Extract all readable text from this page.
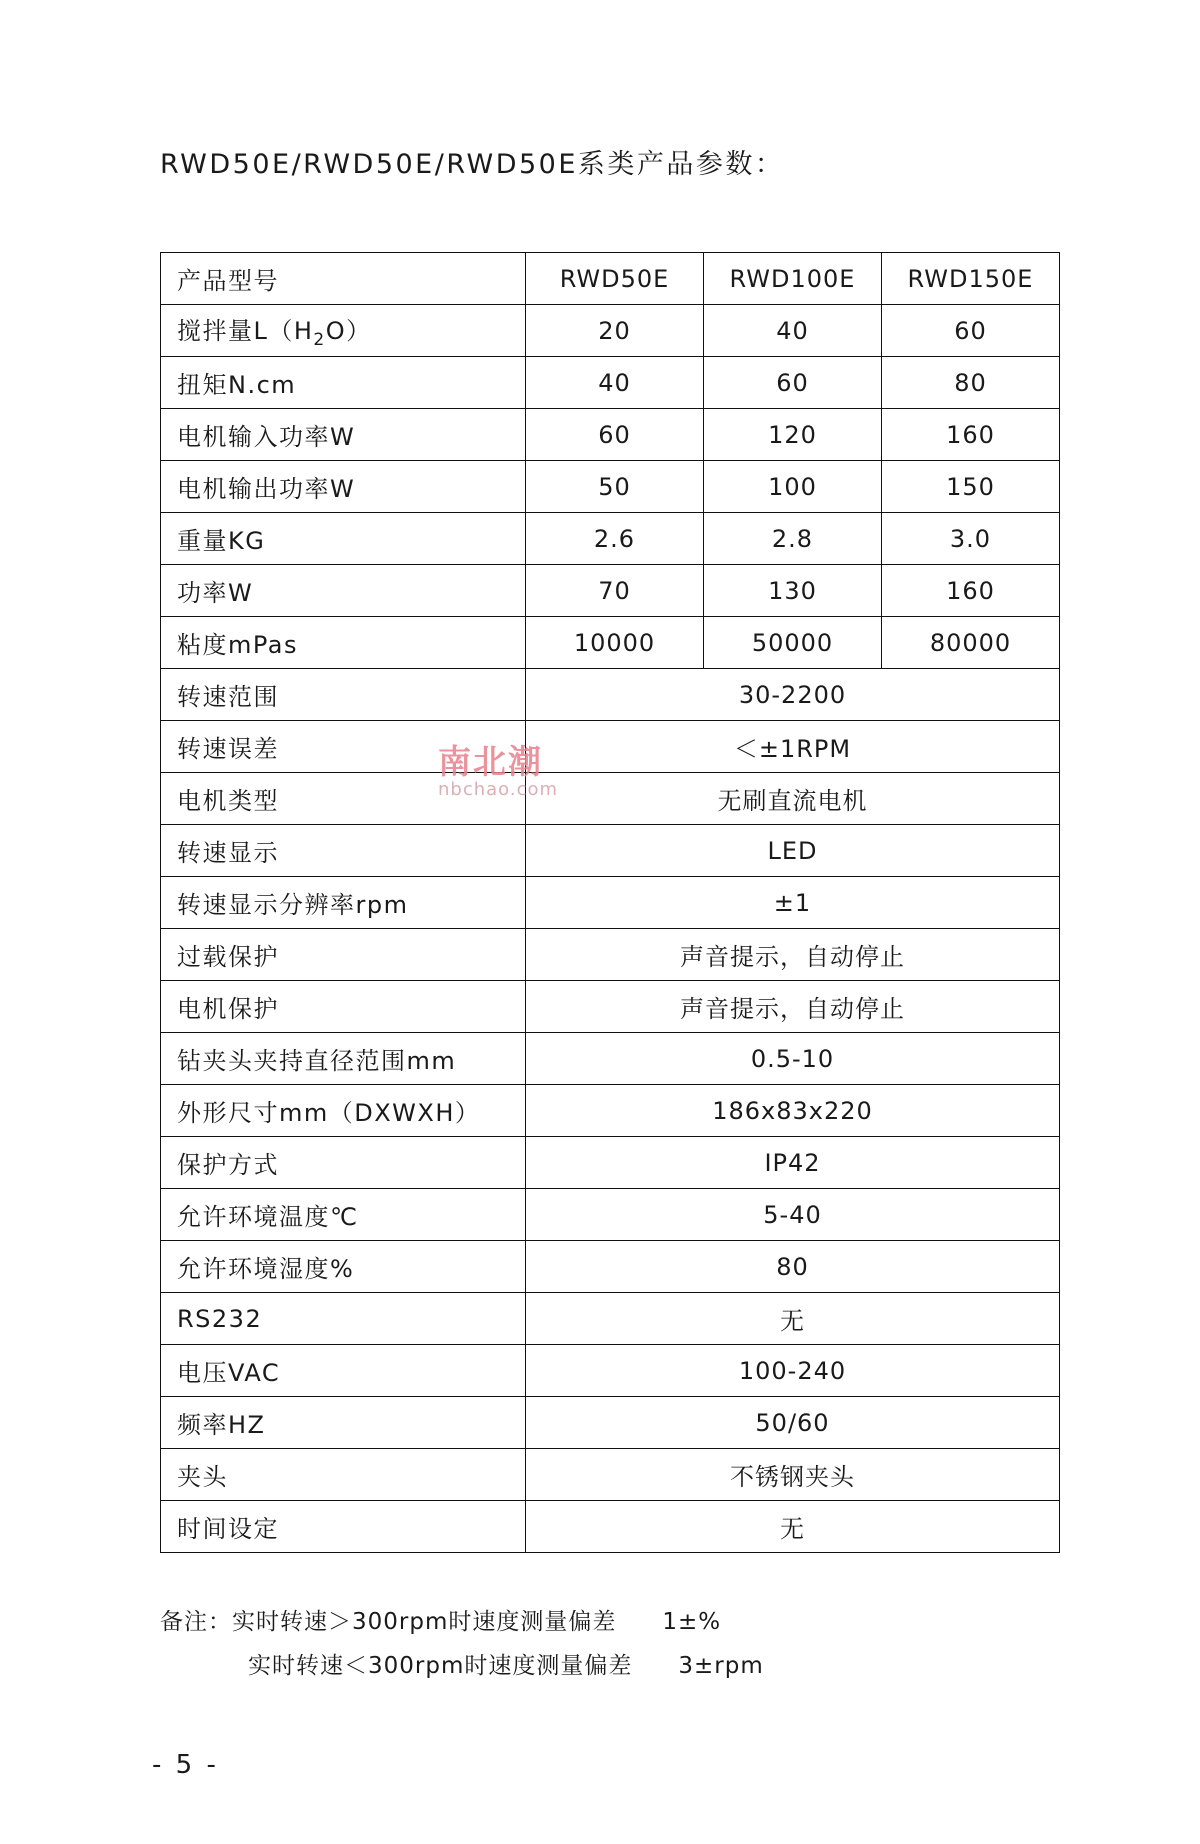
RWD50E/RWD50E/RWD50E系类产品参数：
产品型号	RWD50E	RWD100E	RWD150E
搅拌量$L(H_2O)$	20	40	60
扭矩N.cm	40	60	80
电机输入功率W	60	120	160
电机输出功率W	50	100	150
重量KG	2.6	2.8	3.0
功率W	70	130	160
粘度mPas	10000	50000	80000
转速范围	30-2200		
转速误差	＜±1RPM		
电机类型	无刷直流电机		
转速显示	LED		
转速显示分辨率rpm	±1		
过载保护	声音提示，自动停止		
电机保护	声音提示，自动停止		
钻夹头夹持直径范围mm	0.5-10		
外形尺寸mm（DXWXH）	186x83x220		
保护方式	IP42		
允许环境温度℃	5-40		
允许环境湿度%	80		
RS232	无		
电压VAC	100-240		
频率HZ	50/60		
夹头	不锈钢夹头		
时间设定	无		
南北潮
nbchao.com
备注：实时转速＞300rpm时速度测量偏差 1±%
实时转速＜300rpm时速度测量偏差 3±rpm
- 5 -
